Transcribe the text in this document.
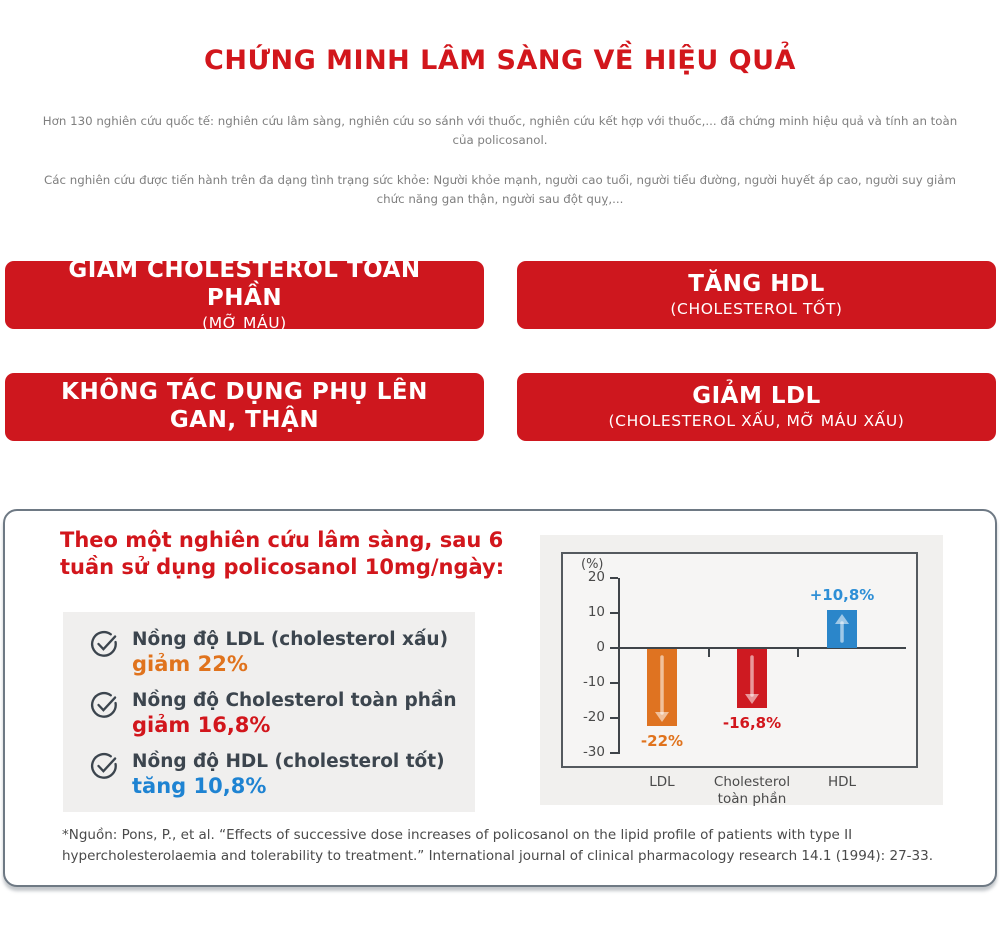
CHỨNG MINH LÂM SÀNG VỀ HIỆU QUẢ

Hơn 130 nghiên cứu quốc tế: nghiên cứu lâm sàng, nghiên cứu so sánh với thuốc, nghiên cứu kết hợp với thuốc,... đã chứng minh hiệu quả và tính an toàn của policosanol.

Các nghiên cứu được tiến hành trên đa dạng tình trạng sức khỏe: Người khỏe mạnh, người cao tuổi, người tiểu đường, người huyết áp cao, người suy giảm chức năng gan thận, người sau đột quỵ,...

GIẢM CHOLESTEROL TOÀN PHẦN
(MỠ MÁU)
TĂNG HDL
(CHOLESTEROL TỐT)
KHÔNG TÁC DỤNG PHỤ LÊN GAN, THẬN
GIẢM LDL
(CHOLESTEROL XẤU, MỠ MÁU XẤU)
Theo một nghiên cứu lâm sàng, sau 6 tuần sử dụng policosanol 10mg/ngày:
Nồng độ LDL (cholesterol xấu)
giảm 22%
Nồng độ Cholesterol toàn phần
giảm 16,8%
Nồng độ HDL (cholesterol tốt)
tăng 10,8%
(%)
20
10
0
-10
-20
-30
-22%
-16,8%
+10,8%
LDL	Cholesterol toàn phần
HDL
*Nguồn: Pons, P., et al. “Effects of successive dose increases of policosanol on the lipid profile of patients with type II hypercholesterolaemia and tolerability to treatment.” International journal of clinical pharmacology research 14.1 (1994): 27-33.
